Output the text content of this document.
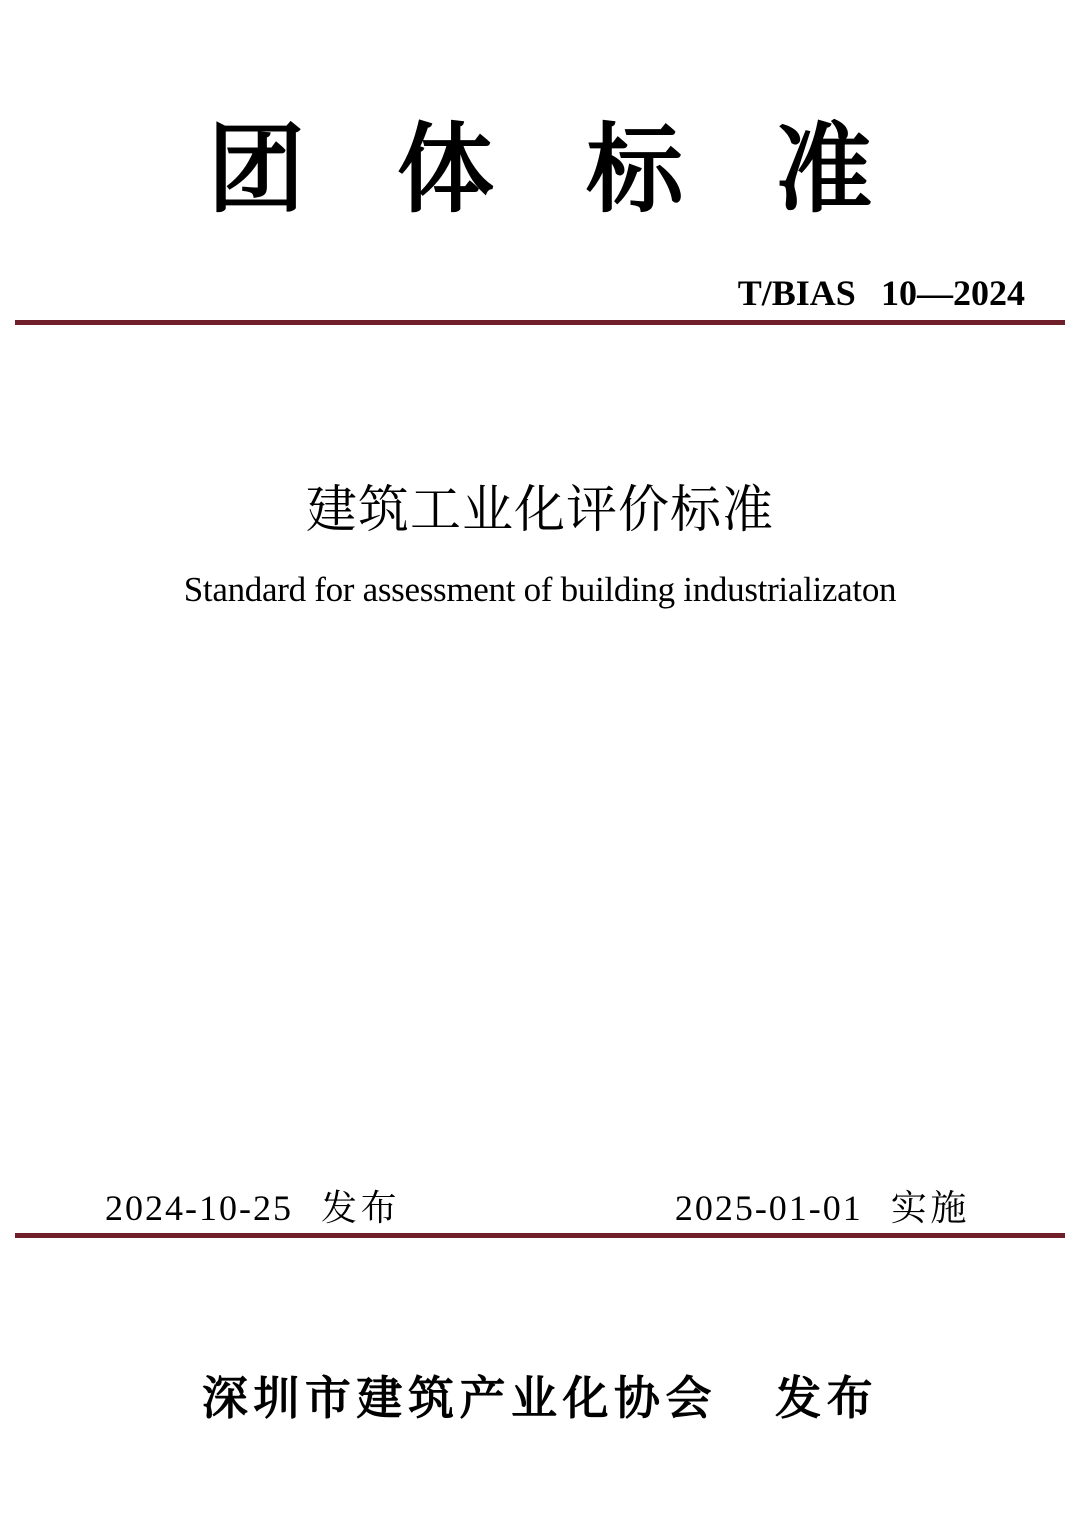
团体标准
T/BIAS 10—2024
建筑工业化评价标准
Standard for assessment of building industrializaton
2024-10-25 发布	2025-01-01 实施
深圳市建筑产业化协会 发布
